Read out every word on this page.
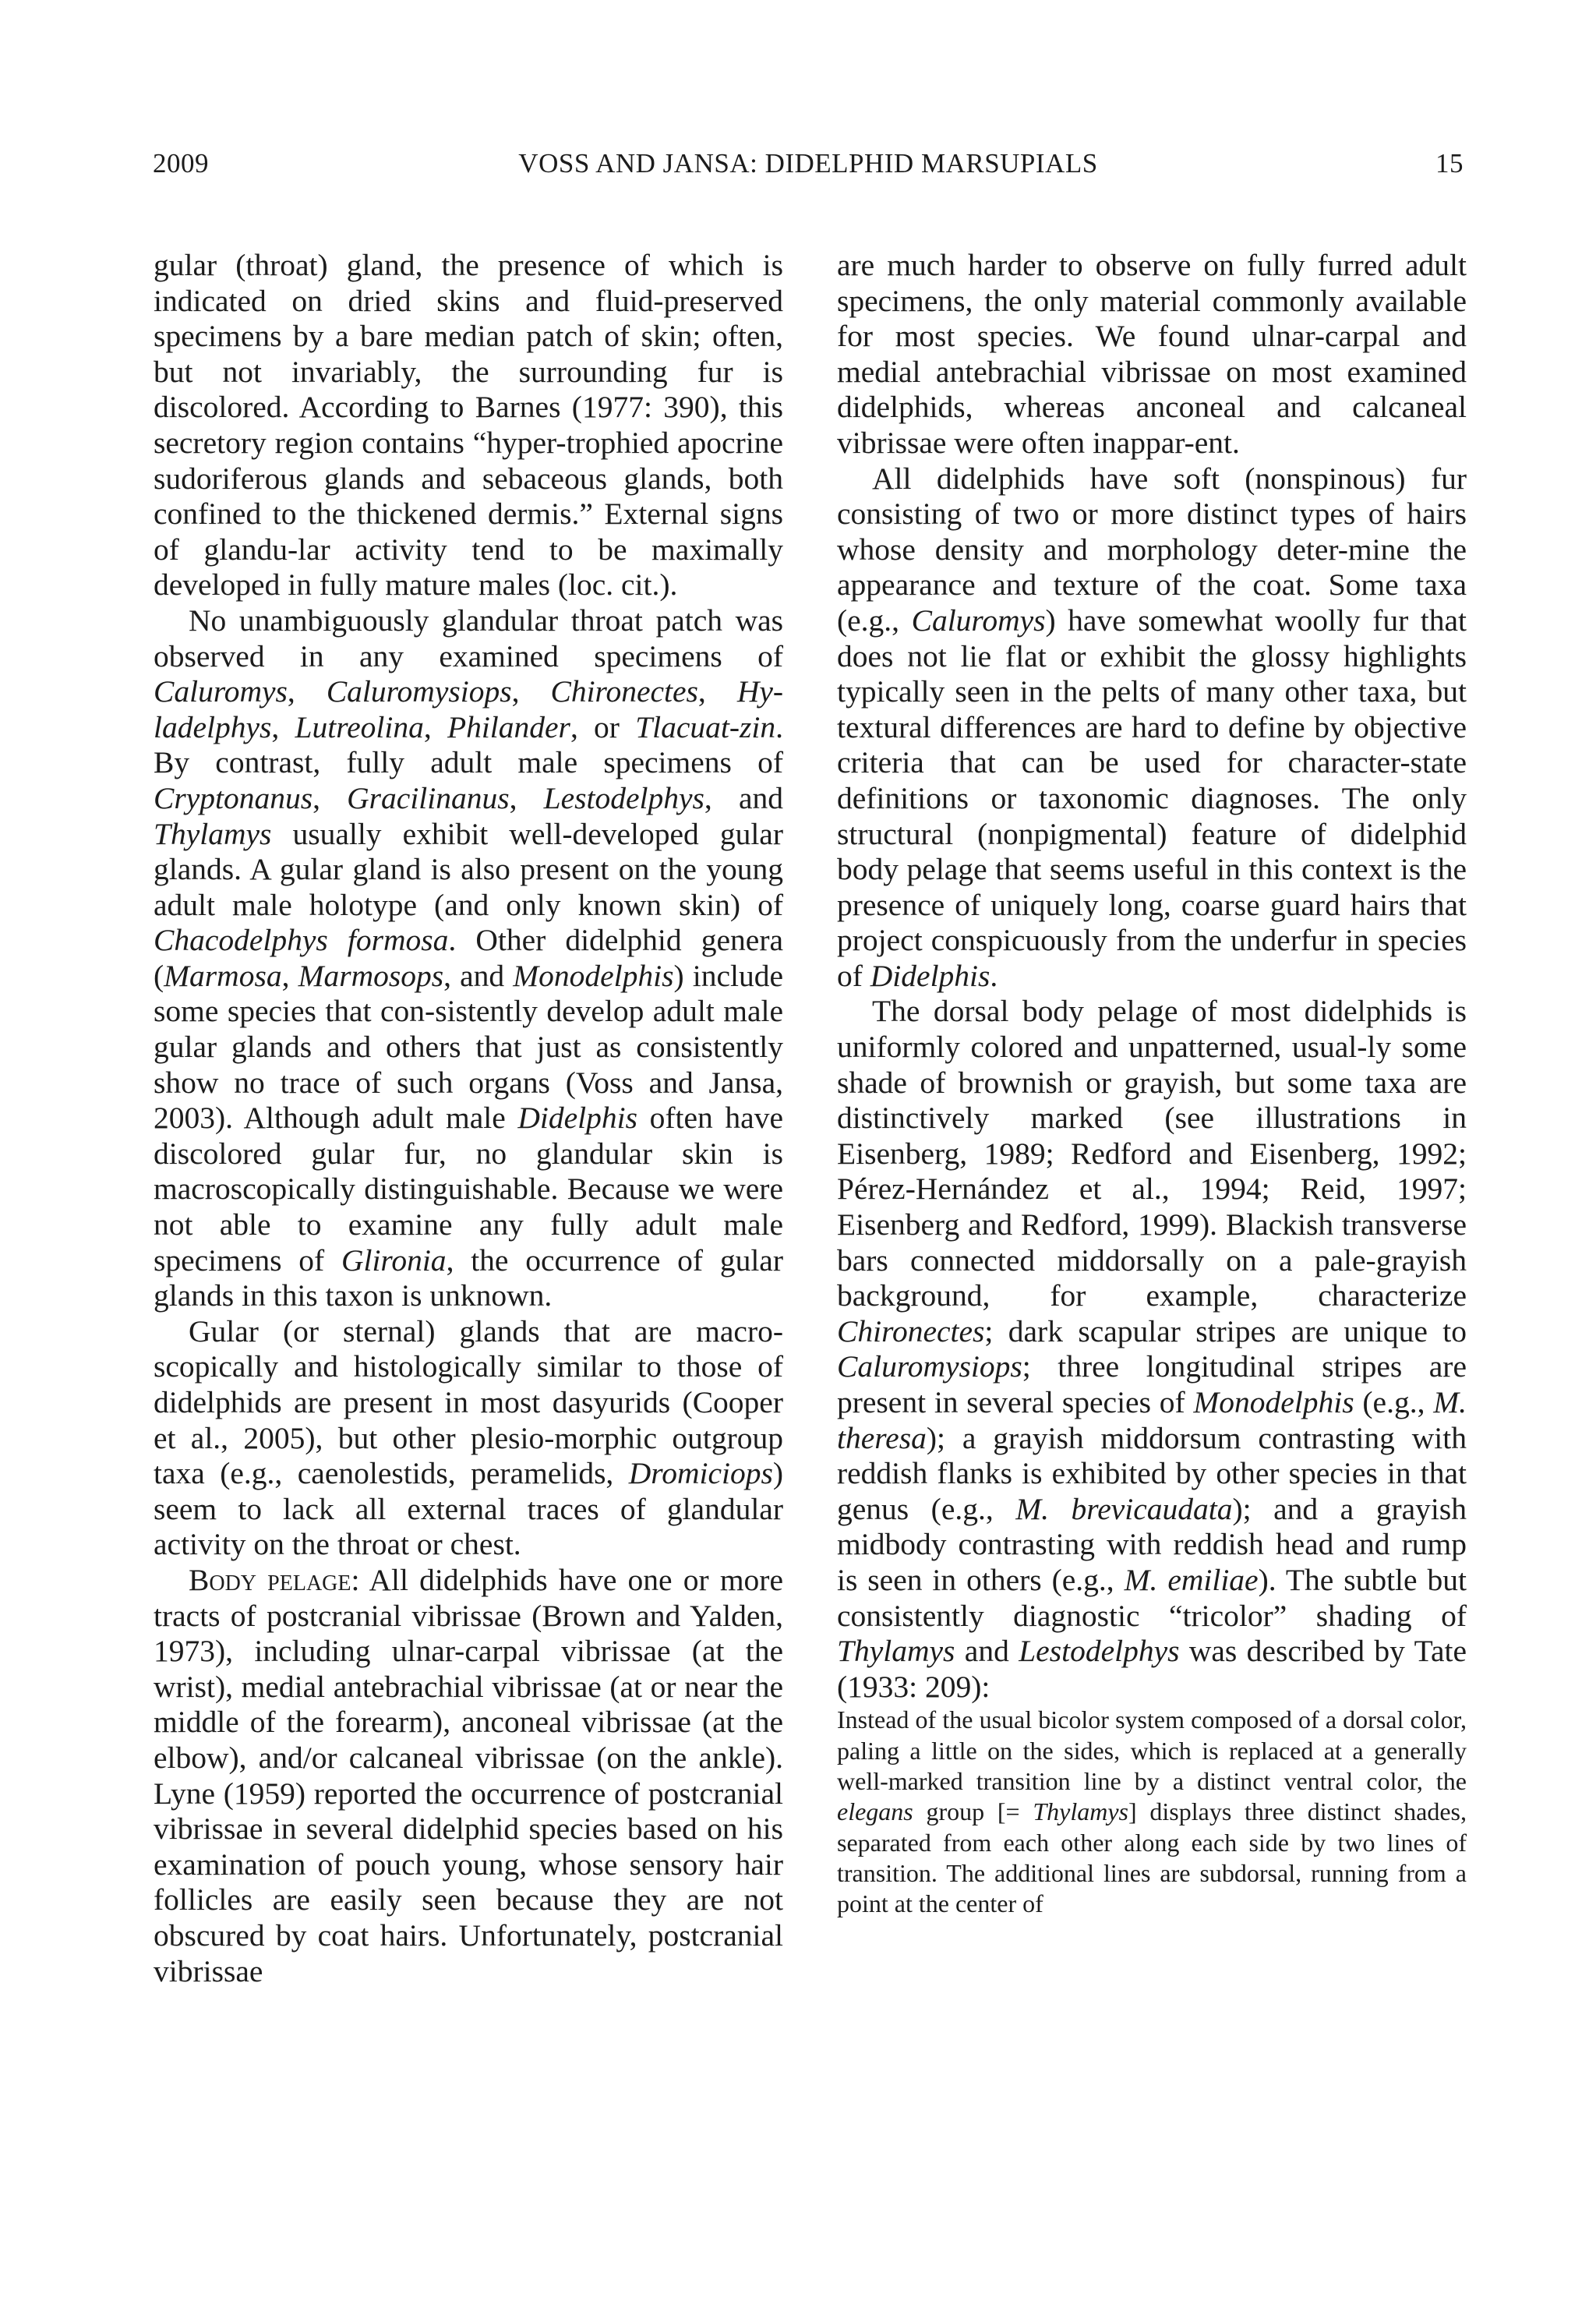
2009	VOSS AND JANSA: DIDELPHID MARSUPIALS	15

gular (throat) gland, the presence of which is indicated on dried skins and fluid-preserved specimens by a bare median patch of skin; often, but not invariably, the surrounding fur is discolored. According to Barnes (1977: 390), this secretory region contains “hyper-trophied apocrine sudoriferous glands and sebaceous glands, both confined to the thickened dermis.” External signs of glandu-lar activity tend to be maximally developed in fully mature males (loc. cit.).

No unambiguously glandular throat patch was observed in any examined specimens of Caluromys, Caluromysiops, Chironectes, Hy-ladelphys, Lutreolina, Philander, or Tlacuat-zin. By contrast, fully adult male specimens of Cryptonanus, Gracilinanus, Lestodelphys, and Thylamys usually exhibit well-developed gular glands. A gular gland is also present on the young adult male holotype (and only known skin) of Chacodelphys formosa. Other didelphid genera (Marmosa, Marmosops, and Monodelphis) include some species that con-sistently develop adult male gular glands and others that just as consistently show no trace of such organs (Voss and Jansa, 2003). Although adult male Didelphis often have discolored gular fur, no glandular skin is macroscopically distinguishable. Because we were not able to examine any fully adult male specimens of Glironia, the occurrence of gular glands in this taxon is unknown.

Gular (or sternal) glands that are macro-scopically and histologically similar to those of didelphids are present in most dasyurids (Cooper et al., 2005), but other plesio-morphic outgroup taxa (e.g., caenolestids, peramelids, Dromiciops) seem to lack all external traces of glandular activity on the throat or chest.

Body pelage: All didelphids have one or more tracts of postcranial vibrissae (Brown and Yalden, 1973), including ulnar-carpal vibrissae (at the wrist), medial antebrachial vibrissae (at or near the middle of the forearm), anconeal vibrissae (at the elbow), and/or calcaneal vibrissae (on the ankle). Lyne (1959) reported the occurrence of postcranial vibrissae in several didelphid species based on his examination of pouch young, whose sensory hair follicles are easily seen because they are not obscured by coat hairs. Unfortunately, postcranial vibrissae

are much harder to observe on fully furred adult specimens, the only material commonly available for most species. We found ulnar-carpal and medial antebrachial vibrissae on most examined didelphids, whereas anconeal and calcaneal vibrissae were often inappar-ent.

All didelphids have soft (nonspinous) fur consisting of two or more distinct types of hairs whose density and morphology deter-mine the appearance and texture of the coat. Some taxa (e.g., Caluromys) have somewhat woolly fur that does not lie flat or exhibit the glossy highlights typically seen in the pelts of many other taxa, but textural differences are hard to define by objective criteria that can be used for character-state definitions or taxonomic diagnoses. The only structural (nonpigmental) feature of didelphid body pelage that seems useful in this context is the presence of uniquely long, coarse guard hairs that project conspicuously from the underfur in species of Didelphis.

The dorsal body pelage of most didelphids is uniformly colored and unpatterned, usual-ly some shade of brownish or grayish, but some taxa are distinctively marked (see illustrations in Eisenberg, 1989; Redford and Eisenberg, 1992; Pérez-Hernández et al., 1994; Reid, 1997; Eisenberg and Redford, 1999). Blackish transverse bars connected middorsally on a pale-grayish background, for example, characterize Chironectes; dark scapular stripes are unique to Caluromysiops; three longitudinal stripes are present in several species of Monodelphis (e.g., M. theresa); a grayish middorsum contrasting with reddish flanks is exhibited by other species in that genus (e.g., M. brevicaudata); and a grayish midbody contrasting with reddish head and rump is seen in others (e.g., M. emiliae). The subtle but consistently diagnostic “tricolor” shading of Thylamys and Lestodelphys was described by Tate (1933: 209):

Instead of the usual bicolor system composed of a dorsal color, paling a little on the sides, which is replaced at a generally well-marked transition line by a distinct ventral color, the elegans group [= Thylamys] displays three distinct shades, separated from each other along each side by two lines of transition. The additional lines are subdorsal, running from a point at the center of
